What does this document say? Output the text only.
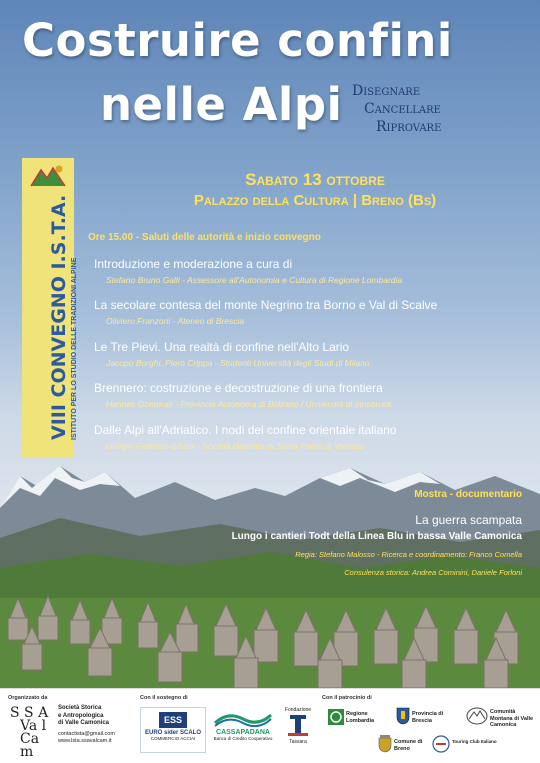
Costruire confini
nelle Alpi Disegnare
Cancellare
Riprovare
Sabato 13 ottobre
Palazzo della Cultura | Breno (Bs)
VIII CONVEGNO I.S.T.A. ISTITUTO PER LO STUDIO DELLE TRADIZIONI ALPINE
Ore 15.00 - Saluti delle autorità e inizio convegno
Introduzione e moderazione a cura di
Stefano Bruno Galli - Assessore all'Autonomia e Cultura di Regione Lombardia
La secolare contesa del monte Negrino tra Borno e Val di Scalve
Oliviero Franzoni - Ateneo di Brescia
Le Tre Pievi. Una realtà di confine nell'Alto Lario
Jacopo Borghi, Piero Crippa - Studenti Università degli Studi di Milano
Brennero: costruzione e decostruzione di una frontiera
Hannes Obermair - Provincia Autonoma di Bolzano / Università di Innsbruck
Dalle Alpi all'Adriatico. I nodi del confine orientale italiano
Giorgio Federico Siboni - Società Dalmata di Storia Patria di Venezia
Mostra - documentario
La guerra scampata
Lungo i cantieri Todt della Linea Blu in bassa Valle Camonica
Regia: Stefano Malosso - Ricerca e coordinamento: Franco Comella
Consulenza storica: Andrea Cominini, Daniele Forloni
Organizzato da
S S A
Va l
Ca m
Società Storica
e Antropologica
di Valle Camonica
contactista@gmail.com
www.lsta.ssavalcam.it
Con il sostegno di
ESS
EURO sider SCALO
COMMERCIO ACCIAI
CASSAPADANA
Banca di Credito Cooperativo
Fondazione
Tassara
Con il patrocinio di
Regione Lombardia
Provincia di Brescia
Comunità Montana di Valle Camonica
Comune di Breno
Touring Club Italiano
